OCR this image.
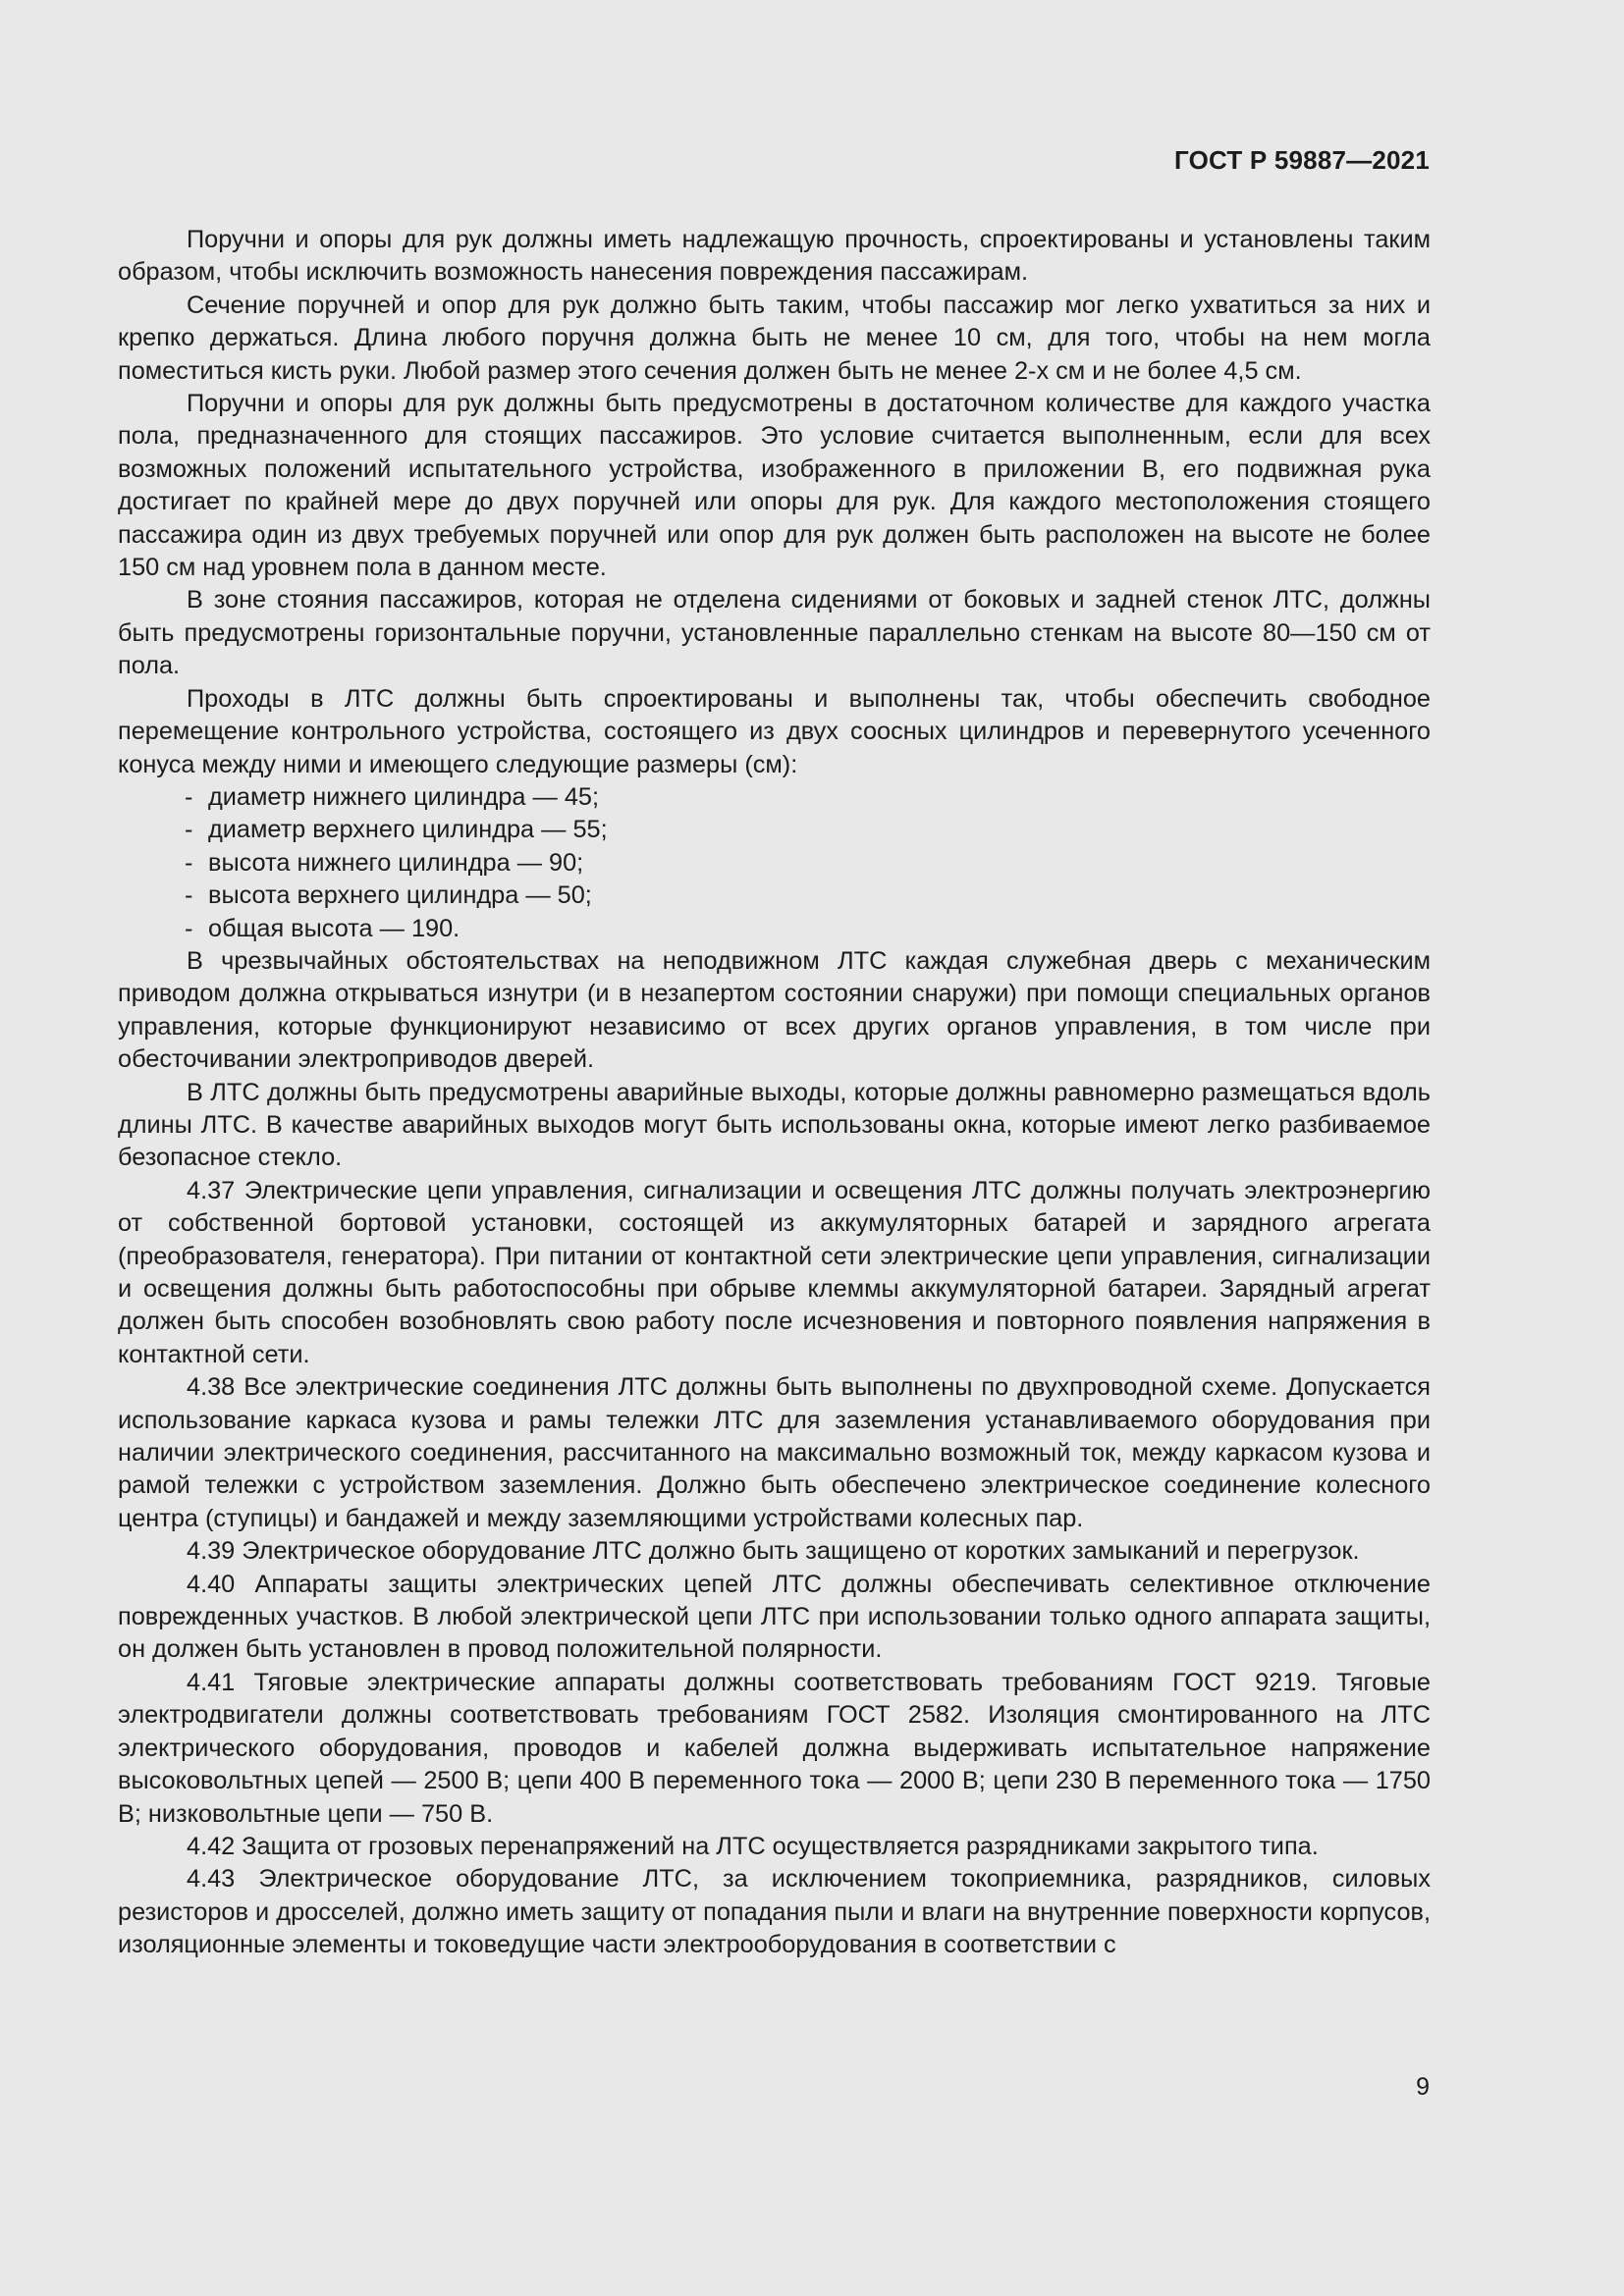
ГОСТ Р 59887—2021

Поручни и опоры для рук должны иметь надлежащую прочность, спроектированы и установлены таким образом, чтобы исключить возможность нанесения повреждения пассажирам.

Сечение поручней и опор для рук должно быть таким, чтобы пассажир мог легко ухватиться за них и крепко держаться. Длина любого поручня должна быть не менее 10 см, для того, чтобы на нем могла поместиться кисть руки. Любой размер этого сечения должен быть не менее 2-х см и не более 4,5 см.

Поручни и опоры для рук должны быть предусмотрены в достаточном количестве для каждого участка пола, предназначенного для стоящих пассажиров. Это условие считается выполненным, если для всех возможных положений испытательного устройства, изображенного в приложении В, его подвижная рука достигает по крайней мере до двух поручней или опоры для рук. Для каждого местоположения стоящего пассажира один из двух требуемых поручней или опор для рук должен быть расположен на высоте не более 150 см над уровнем пола в данном месте.

В зоне стояния пассажиров, которая не отделена сидениями от боковых и задней стенок ЛТС, должны быть предусмотрены горизонтальные поручни, установленные параллельно стенкам на высоте 80—150 см от пола.

Проходы в ЛТС должны быть спроектированы и выполнены так, чтобы обеспечить свободное перемещение контрольного устройства, состоящего из двух соосных цилиндров и перевернутого усеченного конуса между ними и имеющего следующие размеры (см):

- диаметр нижнего цилиндра — 45;
- диаметр верхнего цилиндра — 55;
- высота нижнего цилиндра — 90;
- высота верхнего цилиндра — 50;
- общая высота — 190.

В чрезвычайных обстоятельствах на неподвижном ЛТС каждая служебная дверь с механическим приводом должна открываться изнутри (и в незапертом состоянии снаружи) при помощи специальных органов управления, которые функционируют независимо от всех других органов управления, в том числе при обесточивании электроприводов дверей.

В ЛТС должны быть предусмотрены аварийные выходы, которые должны равномерно размещаться вдоль длины ЛТС. В качестве аварийных выходов могут быть использованы окна, которые имеют легко разбиваемое безопасное стекло.

4.37 Электрические цепи управления, сигнализации и освещения ЛТС должны получать электроэнергию от собственной бортовой установки, состоящей из аккумуляторных батарей и зарядного агрегата (преобразователя, генератора). При питании от контактной сети электрические цепи управления, сигнализации и освещения должны быть работоспособны при обрыве клеммы аккумуляторной батареи. Зарядный агрегат должен быть способен возобновлять свою работу после исчезновения и повторного появления напряжения в контактной сети.

4.38 Все электрические соединения ЛТС должны быть выполнены по двухпроводной схеме. Допускается использование каркаса кузова и рамы тележки ЛТС для заземления устанавливаемого оборудования при наличии электрического соединения, рассчитанного на максимально возможный ток, между каркасом кузова и рамой тележки с устройством заземления. Должно быть обеспечено электрическое соединение колесного центра (ступицы) и бандажей и между заземляющими устройствами колесных пар.

4.39 Электрическое оборудование ЛТС должно быть защищено от коротких замыканий и перегрузок.

4.40 Аппараты защиты электрических цепей ЛТС должны обеспечивать селективное отключение поврежденных участков. В любой электрической цепи ЛТС при использовании только одного аппарата защиты, он должен быть установлен в провод положительной полярности.

4.41 Тяговые электрические аппараты должны соответствовать требованиям ГОСТ 9219. Тяговые электродвигатели должны соответствовать требованиям ГОСТ 2582. Изоляция смонтированного на ЛТС электрического оборудования, проводов и кабелей должна выдерживать испытательное напряжение высоковольтных цепей — 2500 В; цепи 400 В переменного тока — 2000 В; цепи 230 В переменного тока — 1750 В; низковольтные цепи — 750 В.

4.42 Защита от грозовых перенапряжений на ЛТС осуществляется разрядниками закрытого типа.

4.43 Электрическое оборудование ЛТС, за исключением токоприемника, разрядников, силовых резисторов и дросселей, должно иметь защиту от попадания пыли и влаги на внутренние поверхности корпусов, изоляционные элементы и токоведущие части электрооборудования в соответствии с

9
